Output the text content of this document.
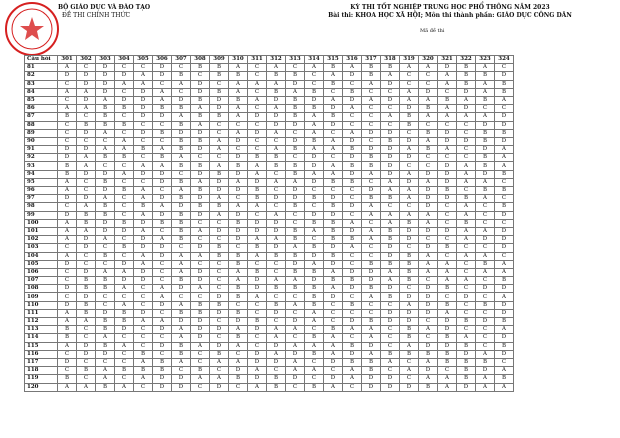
BỘ GIÁO DỤC VÀ ĐÀO TẠO
ĐỀ THI CHÍNH THỨC
KỲ THI TỐT NGHIỆP TRUNG HỌC PHỔ THÔNG NĂM 2023
Bài thi: KHOA HỌC XÃ HỘI; Môn thi thành phần: GIÁO DỤC CÔNG DÂN
Mã đề thi
Câu hỏi	301	302	303	304	305	306	307	308	309	310	311	312	313	314	315	316	317	318	319	320	321	322	323	324
81	A	C	D	C	C	D	C	B	B	A	C	A	C	A	B	A	B	B	A	A	D	B	A	C
82	D	D	D	D	A	D	B	C	B	B	C	B	B	C	A	D	B	A	C	C	A	B	B	D
83	C	D	D	A	A	C	A	D	C	A	A	A	D	C	B	C	A	D	C	C	A	B	A	B
84	A	A	D	C	D	A	C	D	B	A	C	B	A	B	C	B	C	C	A	D	C	D	A	B
85	C	D	A	D	D	A	D	B	D	B	A	D	B	D	A	D	A	D	A	A	B	A	B	A
86	A	A	B	B	D	B	B	A	D	A	C	A	B	B	D	A	C	C	D	B	A	D	C	C
87	B	C	B	C	D	D	A	B	B	A	D	D	B	A	B	C	C	A	B	A	A	A	A	D
88	C	B	B	B	C	C	B	A	C	C	C	D	D	A	D	C	C	C	B	C	C	C	D	D
89	C	D	A	C	D	B	D	D	C	A	D	A	C	A	C	A	D	D	C	B	D	C	B	B
90	C	C	C	A	C	C	B	B	A	D	C	C	D	B	A	D	C	B	D	A	D	D	B	D
91	D	D	A	A	B	A	B	D	A	C	C	A	B	A	A	B	D	D	A	B	A	C	D	A
92	D	A	B	B	C	B	A	C	C	D	B	B	C	D	C	D	B	D	D	C	C	C	B	A
93	B	A	C	C	A	A	B	B	A	B	A	B	B	D	A	B	B	D	C	C	D	A	B	A
94	B	D	D	A	D	D	C	D	B	D	A	C	B	A	A	D	A	D	A	D	D	A	D	B
95	A	C	B	C	C	D	B	A	D	A	D	A	A	D	B	B	C	A	D	A	D	A	A	C
96	A	C	D	B	A	C	A	B	D	D	B	C	D	C	C	C	D	A	A	D	B	C	B	B
97	D	D	A	C	A	D	B	D	A	C	B	D	D	B	D	C	B	B	A	D	D	B	A	C
98	C	A	B	C	B	A	D	B	B	A	A	C	B	C	B	D	A	C	C	D	C	A	C	B
99	D	B	B	C	A	D	B	D	A	D	C	A	C	D	D	C	A	A	A	A	C	A	C	D
100	A	B	D	B	D	B	B	C	C	B	D	D	C	B	B	A	C	A	B	A	C	B	C	C
101	A	A	D	D	A	C	B	A	D	D	D	D	B	A	B	D	A	B	D	D	D	A	A	D
102	A	D	A	C	D	A	B	C	C	D	A	A	B	C	B	B	A	B	D	C	C	A	D	D
103	C	D	C	B	D	D	C	D	B	C	B	D	A	B	D	A	C	D	C	D	B	C	C	D
104	A	C	B	C	A	D	A	A	B	B	A	B	B	D	B	C	C	D	B	A	C	A	A	C
105	D	C	C	D	A	C	A	C	C	B	C	C	D	A	D	C	B	B	B	A	A	C	B	A
106	C	D	A	A	D	C	A	D	C	A	B	C	B	B	A	D	D	A	B	A	A	C	A	A
107	C	B	B	D	D	C	B	D	C	A	D	A	A	D	B	B	D	A	B	C	A	A	C	B
108	D	B	B	A	C	A	D	A	C	B	D	B	B	B	A	D	B	D	C	D	B	C	D	D
109	C	D	C	C	C	A	C	C	D	B	A	C	C	B	D	C	A	B	D	D	C	D	C	A
110	D	B	C	A	C	D	A	B	B	C	C	B	A	B	C	B	C	C	A	D	B	C	B	D
111	A	B	D	B	D	C	B	B	D	B	C	D	C	A	C	C	C	D	D	D	A	C	C	D
112	A	A	B	B	A	A	D	D	C	D	B	C	D	A	C	D	B	D	D	C	D	B	D	B
113	B	C	B	D	C	D	A	D	D	A	D	A	A	C	B	A	A	C	B	A	D	C	C	A
114	B	C	A	C	C	C	A	D	C	B	C	A	C	B	A	C	A	C	B	C	B	A	C	D
115	A	D	B	A	C	D	B	A	D	A	C	D	A	A	A	B	D	C	A	D	D	B	C	B
116	C	D	D	C	B	C	B	C	B	C	D	A	D	B	A	D	A	B	B	B	B	D	A	D
117	D	C	C	C	A	B	A	C	A	A	D	D	A	C	D	B	B	A	C	A	B	B	B	C
118	C	B	A	B	B	B	C	B	C	D	A	C	A	A	C	A	B	C	A	D	C	B	D	A
119	B	C	A	C	A	D	D	A	A	B	D	B	D	C	D	A	D	D	C	A	A	B	A	B
120	A	A	B	A	C	D	D	C	D	C	A	B	C	B	A	C	D	D	D	B	A	D	A	A
